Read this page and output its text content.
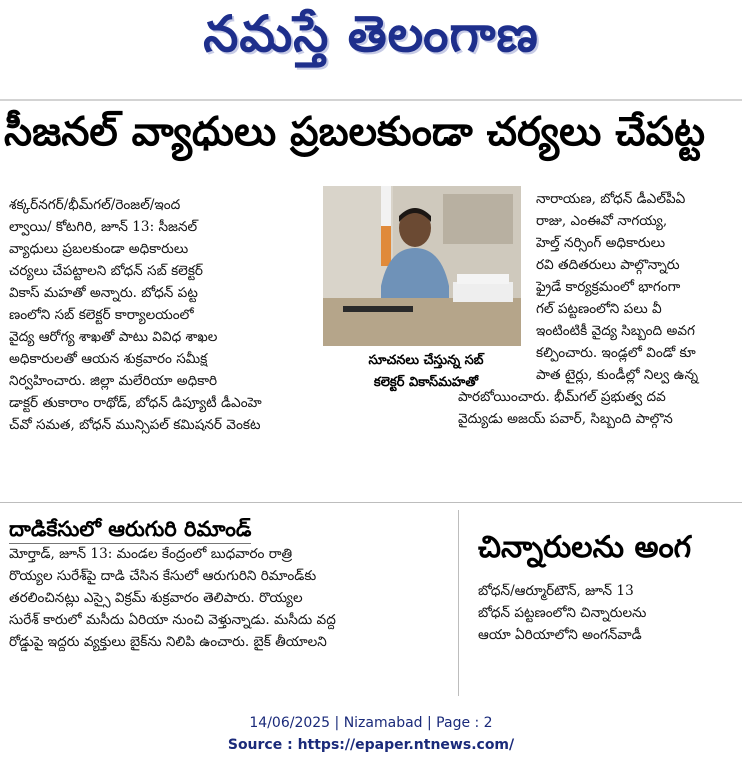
నమస్తే తెలంగాణ
సీజనల్ వ్యాధులు ప్రబలకుండా చర్యలు చేపట్ట

శక్కర్‌నగర్/భీమ్‌గల్/రెంజల్/ఇంద

ల్వాయి/ కోటగిరి, జూన్ 13: సీజనల్

వ్యాధులు ప్రబలకుండా అధికారులు

చర్యలు చేపట్టాలని బోధన్ సబ్ కలెక్టర్

వికాస్ మహతో అన్నారు. బోధన్ పట్ట

ణంలోని సబ్ కలెక్టర్ కార్యాలయంలో

వైద్య ఆరోగ్య శాఖతో పాటు వివిధ శాఖల

అధికారులతో ఆయన శుక్రవారం సమీక్ష

నిర్వహించారు. జిల్లా మలేరియా అధికారి

డాక్టర్ తుకారాం రాథోడ్, బోధన్ డిప్యూటీ డీఎంహె

చ్‌వో సమత, బోధన్ మున్సిపల్ కమిషనర్ వెంకట

సూచనలు చేస్తున్న సబ్
కలెక్టర్ వికాస్‌మహతో

నారాయణ, బోధన్ డీఎల్‌పీఏ

రాజు, ఎంఈవో నాగయ్య,

హెల్త్ నర్సింగ్ అధికారులు

రవి తదితరులు పాల్గొన్నారు

ఫ్రైడే కార్యక్రమంలో భాగంగా

గల్ పట్టణంలోని పలు వీ

ఇంటింటికీ వైద్య సిబ్బంది అవగ

కల్పించారు. ఇండ్లలో విండో కూ

పాత టైర్లు, కుండీల్లో నిల్వ ఉన్న

పారబోయించారు. భీమ్‌గల్ ప్రభుత్వ దవ

వైద్యుడు అజయ్ పవార్, సిబ్బంది పాల్గొన

దాడికేసులో ఆరుగురి రిమాండ్

మోర్తాడ్, జూన్ 13: మండల కేంద్రంలో బుధవారం రాత్రి

రొయ్యల సురేశ్‌పై దాడి చేసిన కేసులో ఆరుగురిని రిమాండ్‌కు

తరలించినట్లు ఎస్సై విక్రమ్ శుక్రవారం తెలిపారు. రొయ్యల

సురేశ్ కారులో మసీదు ఏరియా నుంచి వెళ్తున్నాడు. మసీదు వద్ద

రోడ్డుపై ఇద్దరు వ్యక్తులు బైక్‌ను నిలిపి ఉంచారు. బైక్ తీయాలని

చిన్నారులను అంగ

బోధన్/ఆర్మూర్‌టౌన్, జూన్ 13

బోధన్ పట్టణంలోని చిన్నారులను

ఆయా ఏరియాలోని అంగన్‌వాడీ

14/06/2025 | Nizamabad | Page : 2
Source : https://epaper.ntnews.com/
